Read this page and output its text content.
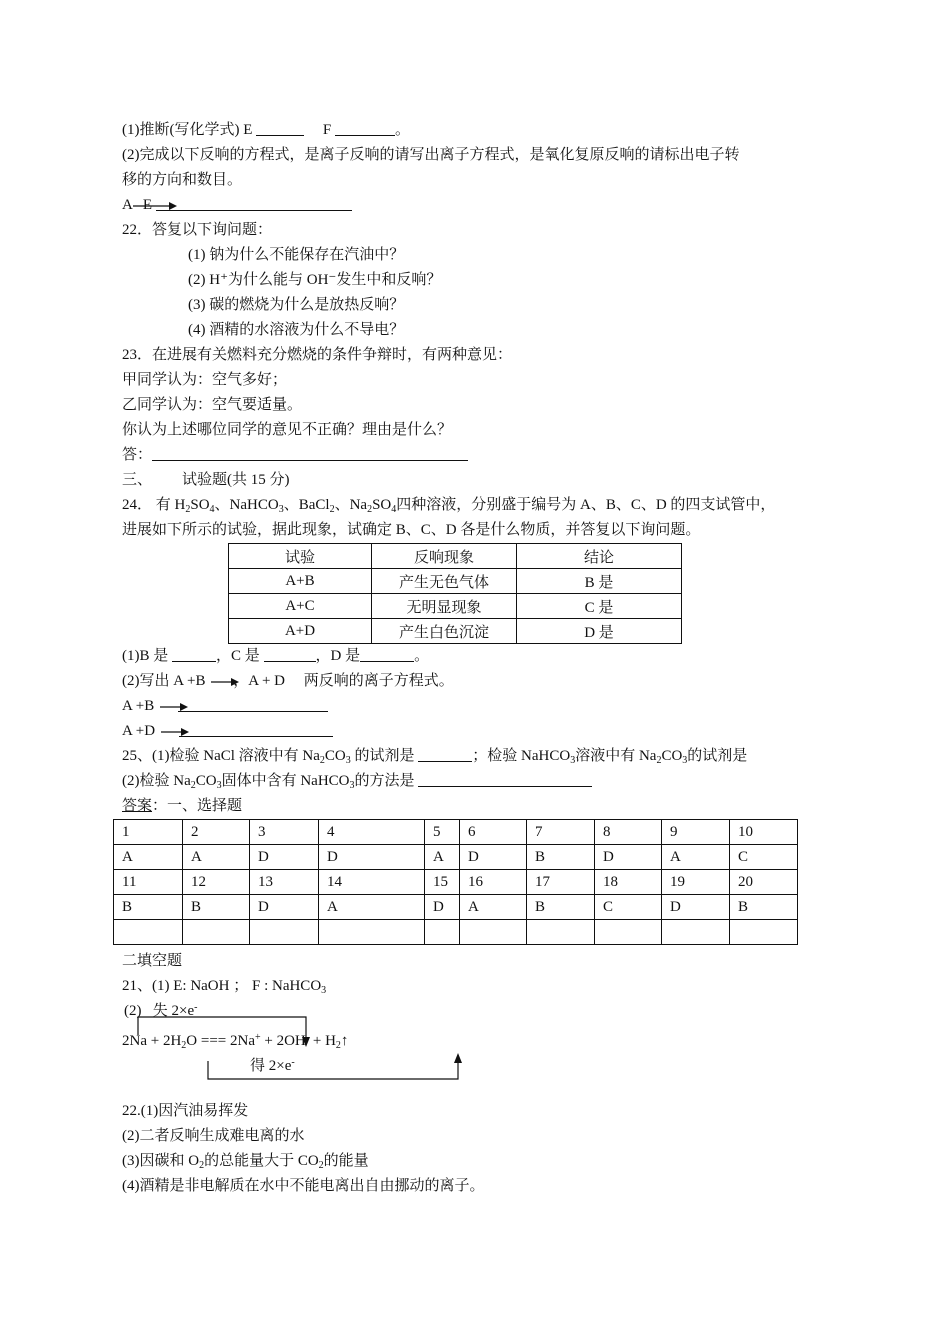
(1)推断(写化学式) E	F	。
(2)完成以下反响的方程式，是离子反响的请写出离子方程式，是氧化复原反响的请标出电子转
移的方向和数目。
A E
22．答复以下询问题：
(1) 钠为什么不能保存在汽油中？
(2) H⁺为什么能与 OH⁻发生中和反响？
(3) 碳的燃烧为什么是放热反响？
(4) 酒精的水溶液为什么不导电？
23．在进展有关燃料充分燃烧的条件争辩时，有两种意见：
甲同学认为：空气多好；
乙同学认为：空气要适量。
你认为上述哪位同学的意见不正确？理由是什么？
答：
三、 试验题(共 15 分)
24． 有 $H_2SO_4$、NaHCO$_3$、BaCl$_2$、$Na_2SO_4$四种溶液，分别盛于编号为 A、B、C、D 的四支试管中，
进展如下所示的试验，据此现象，试确定 B、C、D 各是什么物质，并答复以下询问题。
试验	反响现象	结论
A+B	产生无色气体	B 是
A+C	无明显现象	C 是
A+D	产生白色沉淀	D 是
(1)B 是	，C 是	，D 是	。
(2)写出 A +B →，A + D 两反响的离子方程式。
A +B →
A +D →
25、(1)检验 NaCl 溶液中有 $Na_2CO_3$ 的试剂是	；检验 NaHCO$_3$溶液中有 $Na_2CO_3$的试剂是
(2)检验 $Na_2CO_3$固体中含有 NaHCO$_3$的方法是
答案：一、选择题
1	2	3	4	5	6	7	8	9	10
A	A	D	D	A	D	B	D	A	C
11	12	13	14	15	16	17	18	19	20
B	B	D	A	D	A	B	C	D	B

二填空题
21、(1) E: NaOH ； F : NaHCO$_3$
(2) 失 2×e-
$2Na + 2H_2O$ === $2Na^+ + 2OH^- + H_2↑$
得 2×e-
22.(1)因汽油易挥发
(2)二者反响生成难电离的水
(3)因碳和 $O_2$的总能量大于 $CO_2$的能量
(4)酒精是非电解质在水中不能电离出自由挪动的离子。
